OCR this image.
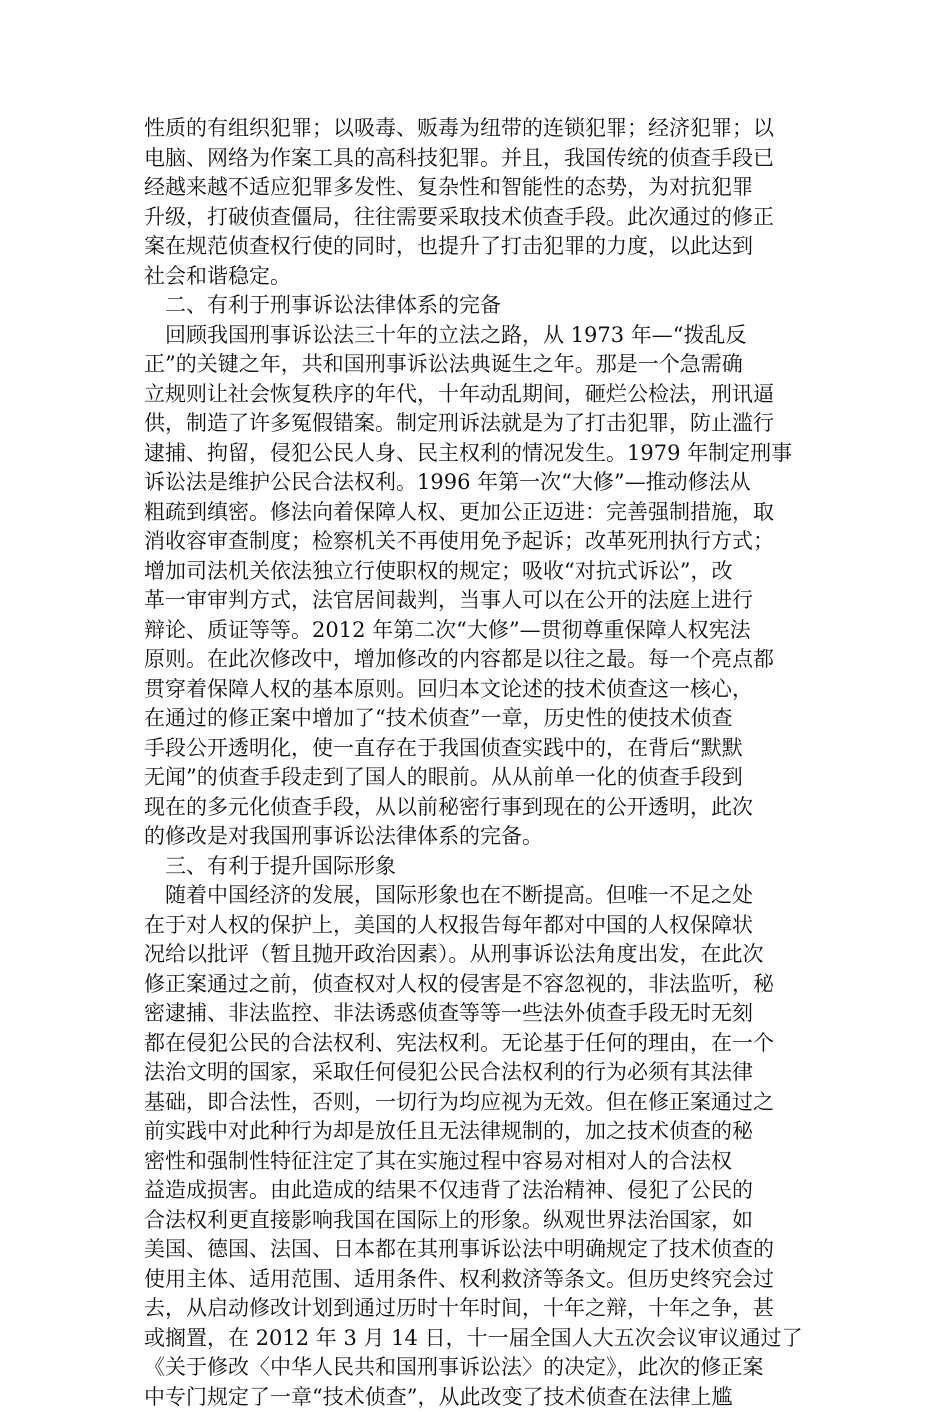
性质的有组织犯罪；以吸毒、贩毒为纽带的连锁犯罪；经济犯罪；以
电脑、网络为作案工具的高科技犯罪。并且，我国传统的侦查手段已
经越来越不适应犯罪多发性、复杂性和智能性的态势，为对抗犯罪
升级，打破侦查僵局，往往需要采取技术侦查手段。此次通过的修正
案在规范侦查权行使的同时，也提升了打击犯罪的力度，以此达到
社会和谐稳定。
二、有利于刑事诉讼法律体系的完备
回顾我国刑事诉讼法三十年的立法之路，从 1973 年—“拨乱反
正”的关键之年，共和国刑事诉讼法典诞生之年。那是一个急需确
立规则让社会恢复秩序的年代，十年动乱期间，砸烂公检法，刑讯逼
供，制造了许多冤假错案。制定刑诉法就是为了打击犯罪，防止滥行
逮捕、拘留，侵犯公民人身、民主权利的情况发生。1979 年制定刑事
诉讼法是维护公民合法权利。1996 年第一次“大修”—推动修法从
粗疏到缜密。修法向着保障人权、更加公正迈进：完善强制措施，取
消收容审查制度；检察机关不再使用免予起诉；改革死刑执行方式；
增加司法机关依法独立行使职权的规定；吸收“对抗式诉讼”，改
革一审审判方式，法官居间裁判，当事人可以在公开的法庭上进行
辩论、质证等等。2012 年第二次“大修”—贯彻尊重保障人权宪法
原则。在此次修改中，增加修改的内容都是以往之最。每一个亮点都
贯穿着保障人权的基本原则。回归本文论述的技术侦查这一核心，
在通过的修正案中增加了“技术侦查”一章，历史性的使技术侦查
手段公开透明化，使一直存在于我国侦查实践中的，在背后“默默
无闻”的侦查手段走到了国人的眼前。从从前单一化的侦查手段到
现在的多元化侦查手段，从以前秘密行事到现在的公开透明，此次
的修改是对我国刑事诉讼法律体系的完备。
三、有利于提升国际形象
随着中国经济的发展，国际形象也在不断提高。但唯一不足之处
在于对人权的保护上，美国的人权报告每年都对中国的人权保障状
况给以批评（暂且抛开政治因素）。从刑事诉讼法角度出发，在此次
修正案通过之前，侦查权对人权的侵害是不容忽视的，非法监听，秘
密逮捕、非法监控、非法诱惑侦查等等一些法外侦查手段无时无刻
都在侵犯公民的合法权利、宪法权利。无论基于任何的理由，在一个
法治文明的国家，采取任何侵犯公民合法权利的行为必须有其法律
基础，即合法性，否则，一切行为均应视为无效。但在修正案通过之
前实践中对此种行为却是放任且无法律规制的，加之技术侦查的秘
密性和强制性特征注定了其在实施过程中容易对相对人的合法权
益造成损害。由此造成的结果不仅违背了法治精神、侵犯了公民的
合法权利更直接影响我国在国际上的形象。纵观世界法治国家，如
美国、德国、法国、日本都在其刑事诉讼法中明确规定了技术侦查的
使用主体、适用范围、适用条件、权利救济等条文。但历史终究会过
去，从启动修改计划到通过历时十年时间，十年之辩，十年之争，甚
或搁置，在 2012 年 3 月 14 日，十一届全国人大五次会议审议通过了
《关于修改〈中华人民共和国刑事诉讼法〉的决定》，此次的修正案
中专门规定了一章“技术侦查”，从此改变了技术侦查在法律上尴
